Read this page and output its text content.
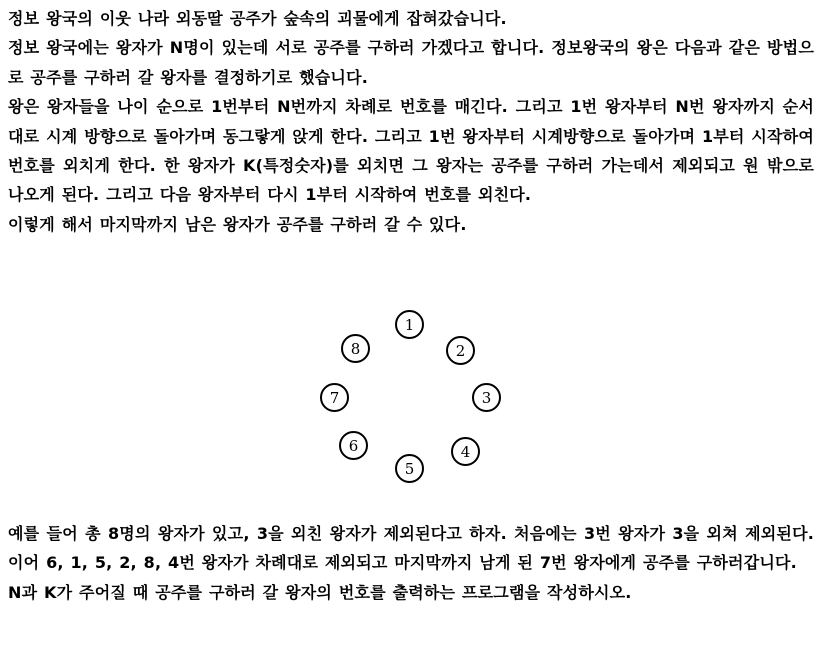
정보 왕국의 이웃 나라 외동딸 공주가 숲속의 괴물에게 잡혀갔습니다.

정보 왕국에는 왕자가 N명이 있는데 서로 공주를 구하러 가겠다고 합니다. 정보왕국의 왕은 다음과 같은 방법으로 공주를 구하러 갈 왕자를 결정하기로 했습니다.

왕은 왕자들을 나이 순으로 1번부터 N번까지 차례로 번호를 매긴다. 그리고 1번 왕자부터 N번 왕자까지 순서대로 시계 방향으로 돌아가며 동그랗게 앉게 한다. 그리고 1번 왕자부터 시계방향으로 돌아가며 1부터 시작하여 번호를 외치게 한다. 한 왕자가 K(특정숫자)를 외치면 그 왕자는 공주를 구하러 가는데서 제외되고 원 밖으로 나오게 된다. 그리고 다음 왕자부터 다시 1부터 시작하여 번호를 외친다.

이렇게 해서 마지막까지 남은 왕자가 공주를 구하러 갈 수 있다.

1
2
3
4
5
6
7
8

예를 들어 총 8명의 왕자가 있고, 3을 외친 왕자가 제외된다고 하자. 처음에는 3번 왕자가 3을 외쳐 제외된다. 이어 6, 1, 5, 2, 8, 4번 왕자가 차례대로 제외되고 마지막까지 남게 된 7번 왕자에게 공주를 구하러갑니다.

N과 K가 주어질 때 공주를 구하러 갈 왕자의 번호를 출력하는 프로그램을 작성하시오.
